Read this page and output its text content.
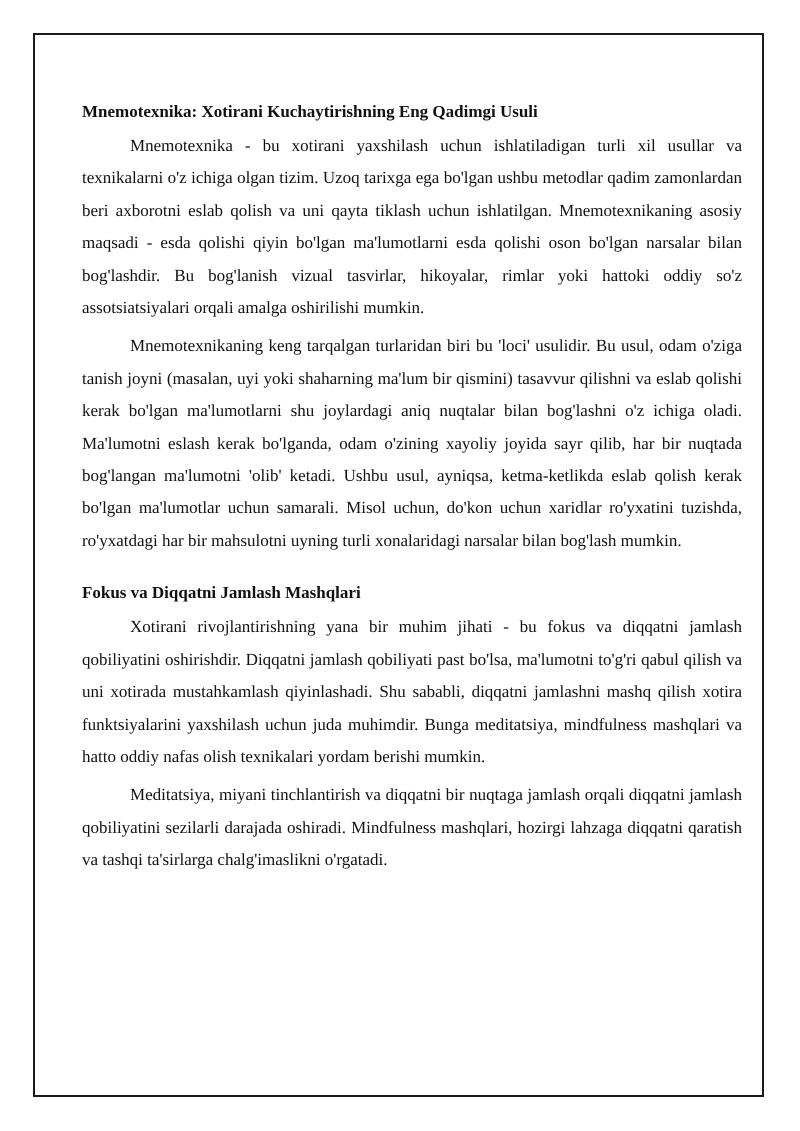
Mnemotexnika: Xotirani Kuchaytirishning Eng Qadimgi Usuli

Mnemotexnika - bu xotirani yaxshilash uchun ishlatiladigan turli xil usullar va texnikalarni o'z ichiga olgan tizim. Uzoq tarixga ega bo'lgan ushbu metodlar qadim zamonlardan beri axborotni eslab qolish va uni qayta tiklash uchun ishlatilgan. Mnemotexnikaning asosiy maqsadi - esda qolishi qiyin bo'lgan ma'lumotlarni esda qolishi oson bo'lgan narsalar bilan bog'lashdir. Bu bog'lanish vizual tasvirlar, hikoyalar, rimlar yoki hattoki oddiy so'z assotsiatsiyalari orqali amalga oshirilishi mumkin.

Mnemotexnikaning keng tarqalgan turlaridan biri bu 'loci' usulidir. Bu usul, odam o'ziga tanish joyni (masalan, uyi yoki shaharning ma'lum bir qismini) tasavvur qilishni va eslab qolishi kerak bo'lgan ma'lumotlarni shu joylardagi aniq nuqtalar bilan bog'lashni o'z ichiga oladi. Ma'lumotni eslash kerak bo'lganda, odam o'zining xayoliy joyida sayr qilib, har bir nuqtada bog'langan ma'lumotni 'olib' ketadi. Ushbu usul, ayniqsa, ketma-ketlikda eslab qolish kerak bo'lgan ma'lumotlar uchun samarali. Misol uchun, do'kon uchun xaridlar ro'yxatini tuzishda, ro'yxatdagi har bir mahsulotni uyning turli xonalaridagi narsalar bilan bog'lash mumkin.

Fokus va Diqqatni Jamlash Mashqlari

Xotirani rivojlantirishning yana bir muhim jihati - bu fokus va diqqatni jamlash qobiliyatini oshirishdir. Diqqatni jamlash qobiliyati past bo'lsa, ma'lumotni to'g'ri qabul qilish va uni xotirada mustahkamlash qiyinlashadi. Shu sababli, diqqatni jamlashni mashq qilish xotira funktsiyalarini yaxshilash uchun juda muhimdir. Bunga meditatsiya, mindfulness mashqlari va hatto oddiy nafas olish texnikalari yordam berishi mumkin.

Meditatsiya, miyani tinchlantirish va diqqatni bir nuqtaga jamlash orqali diqqatni jamlash qobiliyatini sezilarli darajada oshiradi. Mindfulness mashqlari, hozirgi lahzaga diqqatni qaratish va tashqi ta'sirlarga chalg'imaslikni o'rgatadi.
